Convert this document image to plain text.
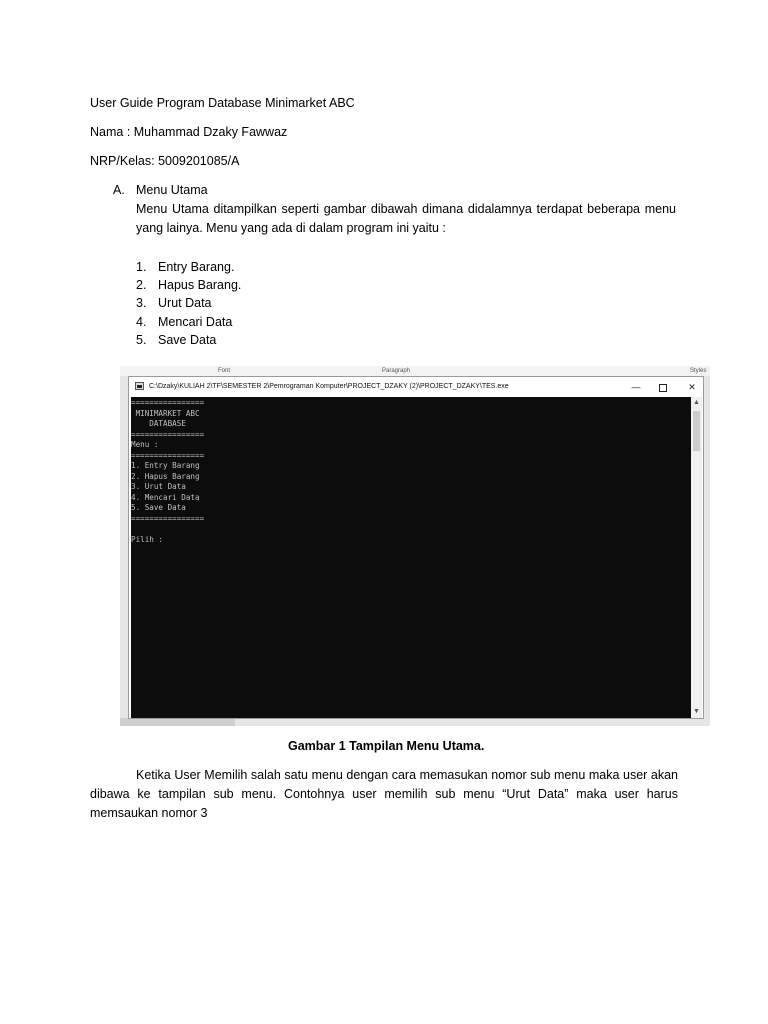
User Guide Program Database Minimarket ABC
Nama : Muhammad Dzaky Fawwaz
NRP/Kelas: 5009201085/A
A. Menu Utama
Menu Utama ditampilkan seperti gambar dibawah dimana didalamnya terdapat beberapa menu yang lainya. Menu yang ada di dalam program ini yaitu :
1. Entry Barang.
2. Hapus Barang.
3. Urut Data
4. Mencari Data
5. Save Data
Font	Paragraph	Styles
C:\Dzaky\KULIAH 2\TF\SEMESTER 2\Pemrograman Komputer\PROJECT_DZAKY (2)\PROJECT_DZAKY\TES.exe	—	✕
================
MINIMARKET ABC
DATABASE
================
Menu :
================
1. Entry Barang
2. Hapus Barang
3. Urut Data
4. Mencari Data
5. Save Data
================

Pilih :
▲
▼
Gambar 1 Tampilan Menu Utama.
Ketika User Memilih salah satu menu dengan cara memasukan nomor sub menu maka user akan dibawa ke tampilan sub menu. Contohnya user memilih sub menu “Urut Data” maka user harus memsaukan nomor 3
